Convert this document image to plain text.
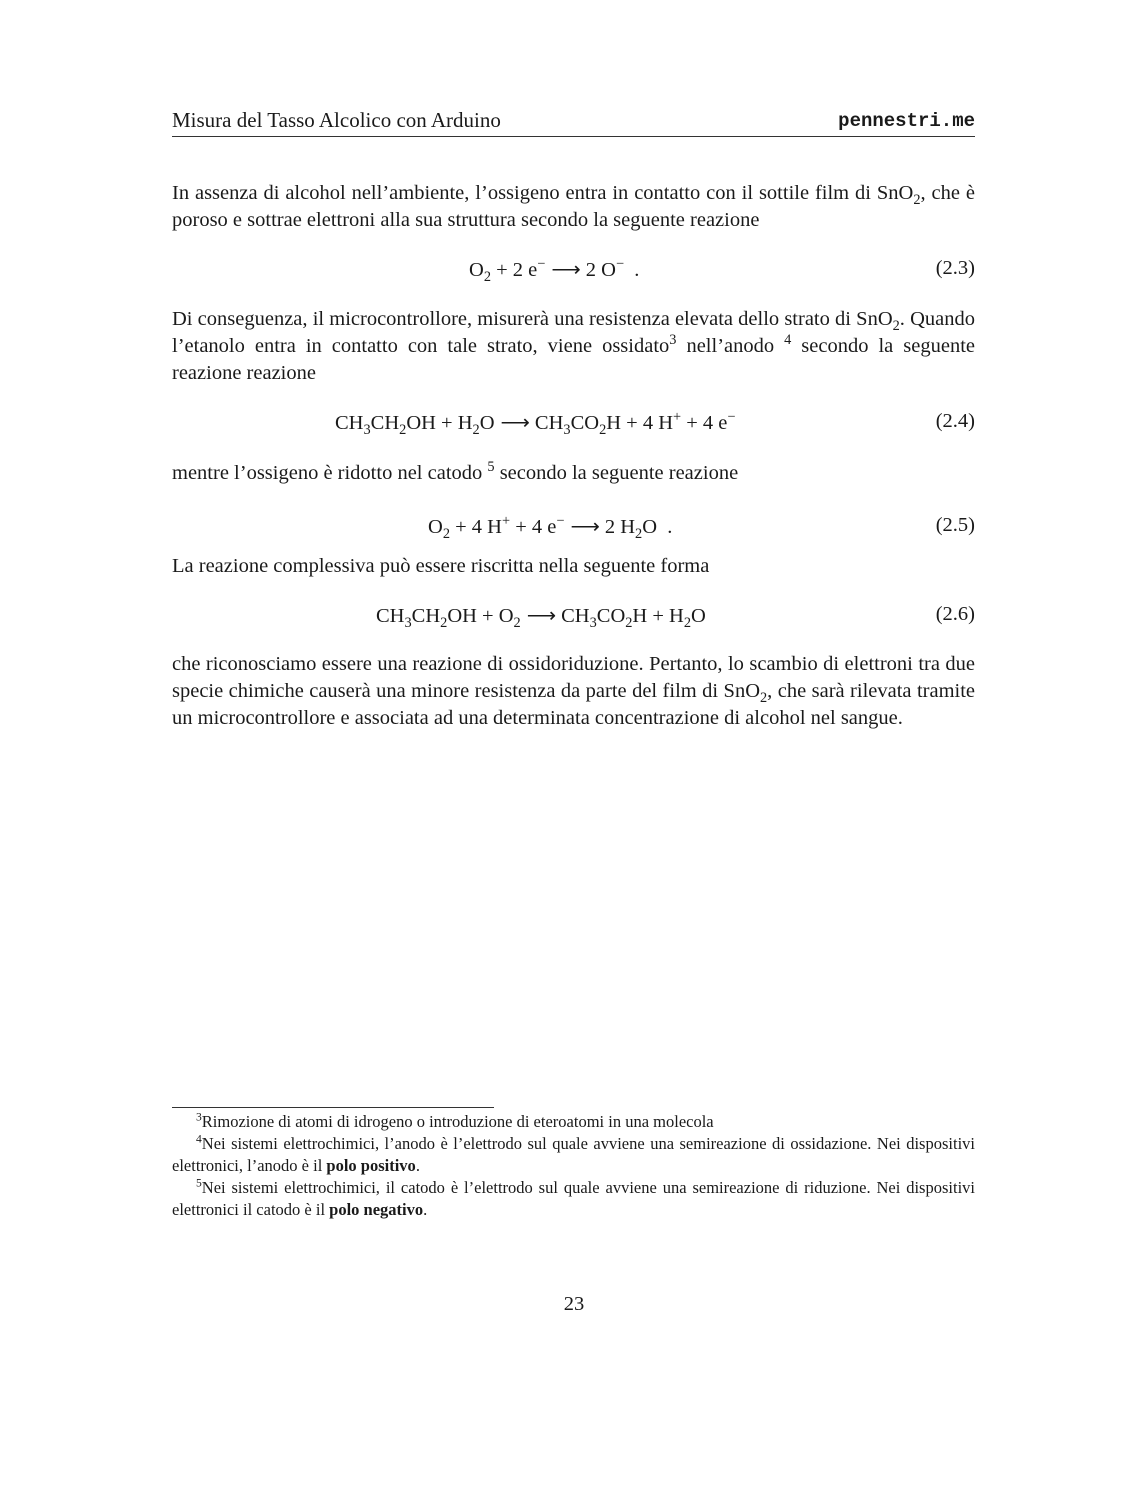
Misura del Tasso Alcolico con Arduino	pennestri.me

In assenza di alcohol nell’ambiente, l’ossigeno entra in contatto con il sottile film di SnO$_2$, che è poroso e sottrae elettroni alla sua struttura secondo la seguente reazione

$O_2 + 2$ e− ⟶ 2 O−  .	(2.3)

Di conseguenza, il microcontrollore, misurerà una resistenza elevata dello strato di SnO$_2$. Quando l’etanolo entra in contatto con tale strato, viene ossidato$^3$ nell’anodo $^4$ secondo la seguente reazione reazione

$CH_3CH_2OH + H_2O$ ⟶ $CH_3CO_2H + 4$ H+ + 4 e−	(2.4)

mentre l’ossigeno è ridotto nel catodo $^5$ secondo la seguente reazione

$O_2 + 4$ H+ + 4 e− ⟶ 2 $H_2O$  .	(2.5)

La reazione complessiva può essere riscritta nella seguente forma

$CH_3CH_2OH + O_2$ ⟶ $CH_3CO_2H + H_2O$	(2.6)

che riconosciamo essere una reazione di ossidoriduzione. Pertanto, lo scambio di elettroni tra due specie chimiche causerà una minore resistenza da parte del film di SnO$_2$, che sarà rilevata tramite un microcontrollore e associata ad una determinata concentrazione di alcohol nel sangue.

$^3$Rimozione di atomi di idrogeno o introduzione di eteroatomi in una molecola

$^4$Nei sistemi elettrochimici, l’anodo è l’elettrodo sul quale avviene una semireazione di ossidazione. Nei dispositivi elettronici, l’anodo è il polo positivo.

$^5$Nei sistemi elettrochimici, il catodo è l’elettrodo sul quale avviene una semireazione di riduzione. Nei dispositivi elettronici il catodo è il polo negativo.

23
